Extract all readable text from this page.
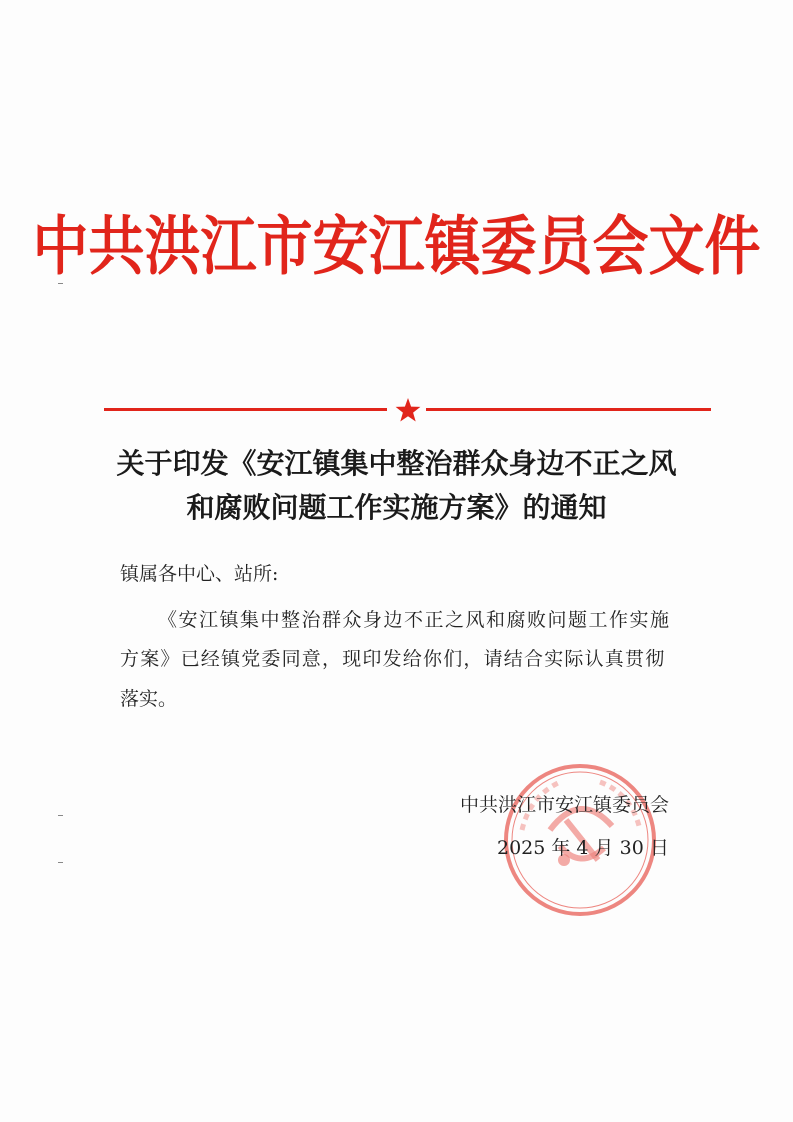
中共洪江市安江镇委员会文件
关于印发《安江镇集中整治群众身边不正之风
和腐败问题工作实施方案》的通知
镇属各中心、站所:
《安江镇集中整治群众身边不正之风和腐败问题工作实施
方案》已经镇党委同意，现印发给你们，请结合实际认真贯彻
落实。
中共洪江市安江镇委员会
2025 年 4 月 30 日
